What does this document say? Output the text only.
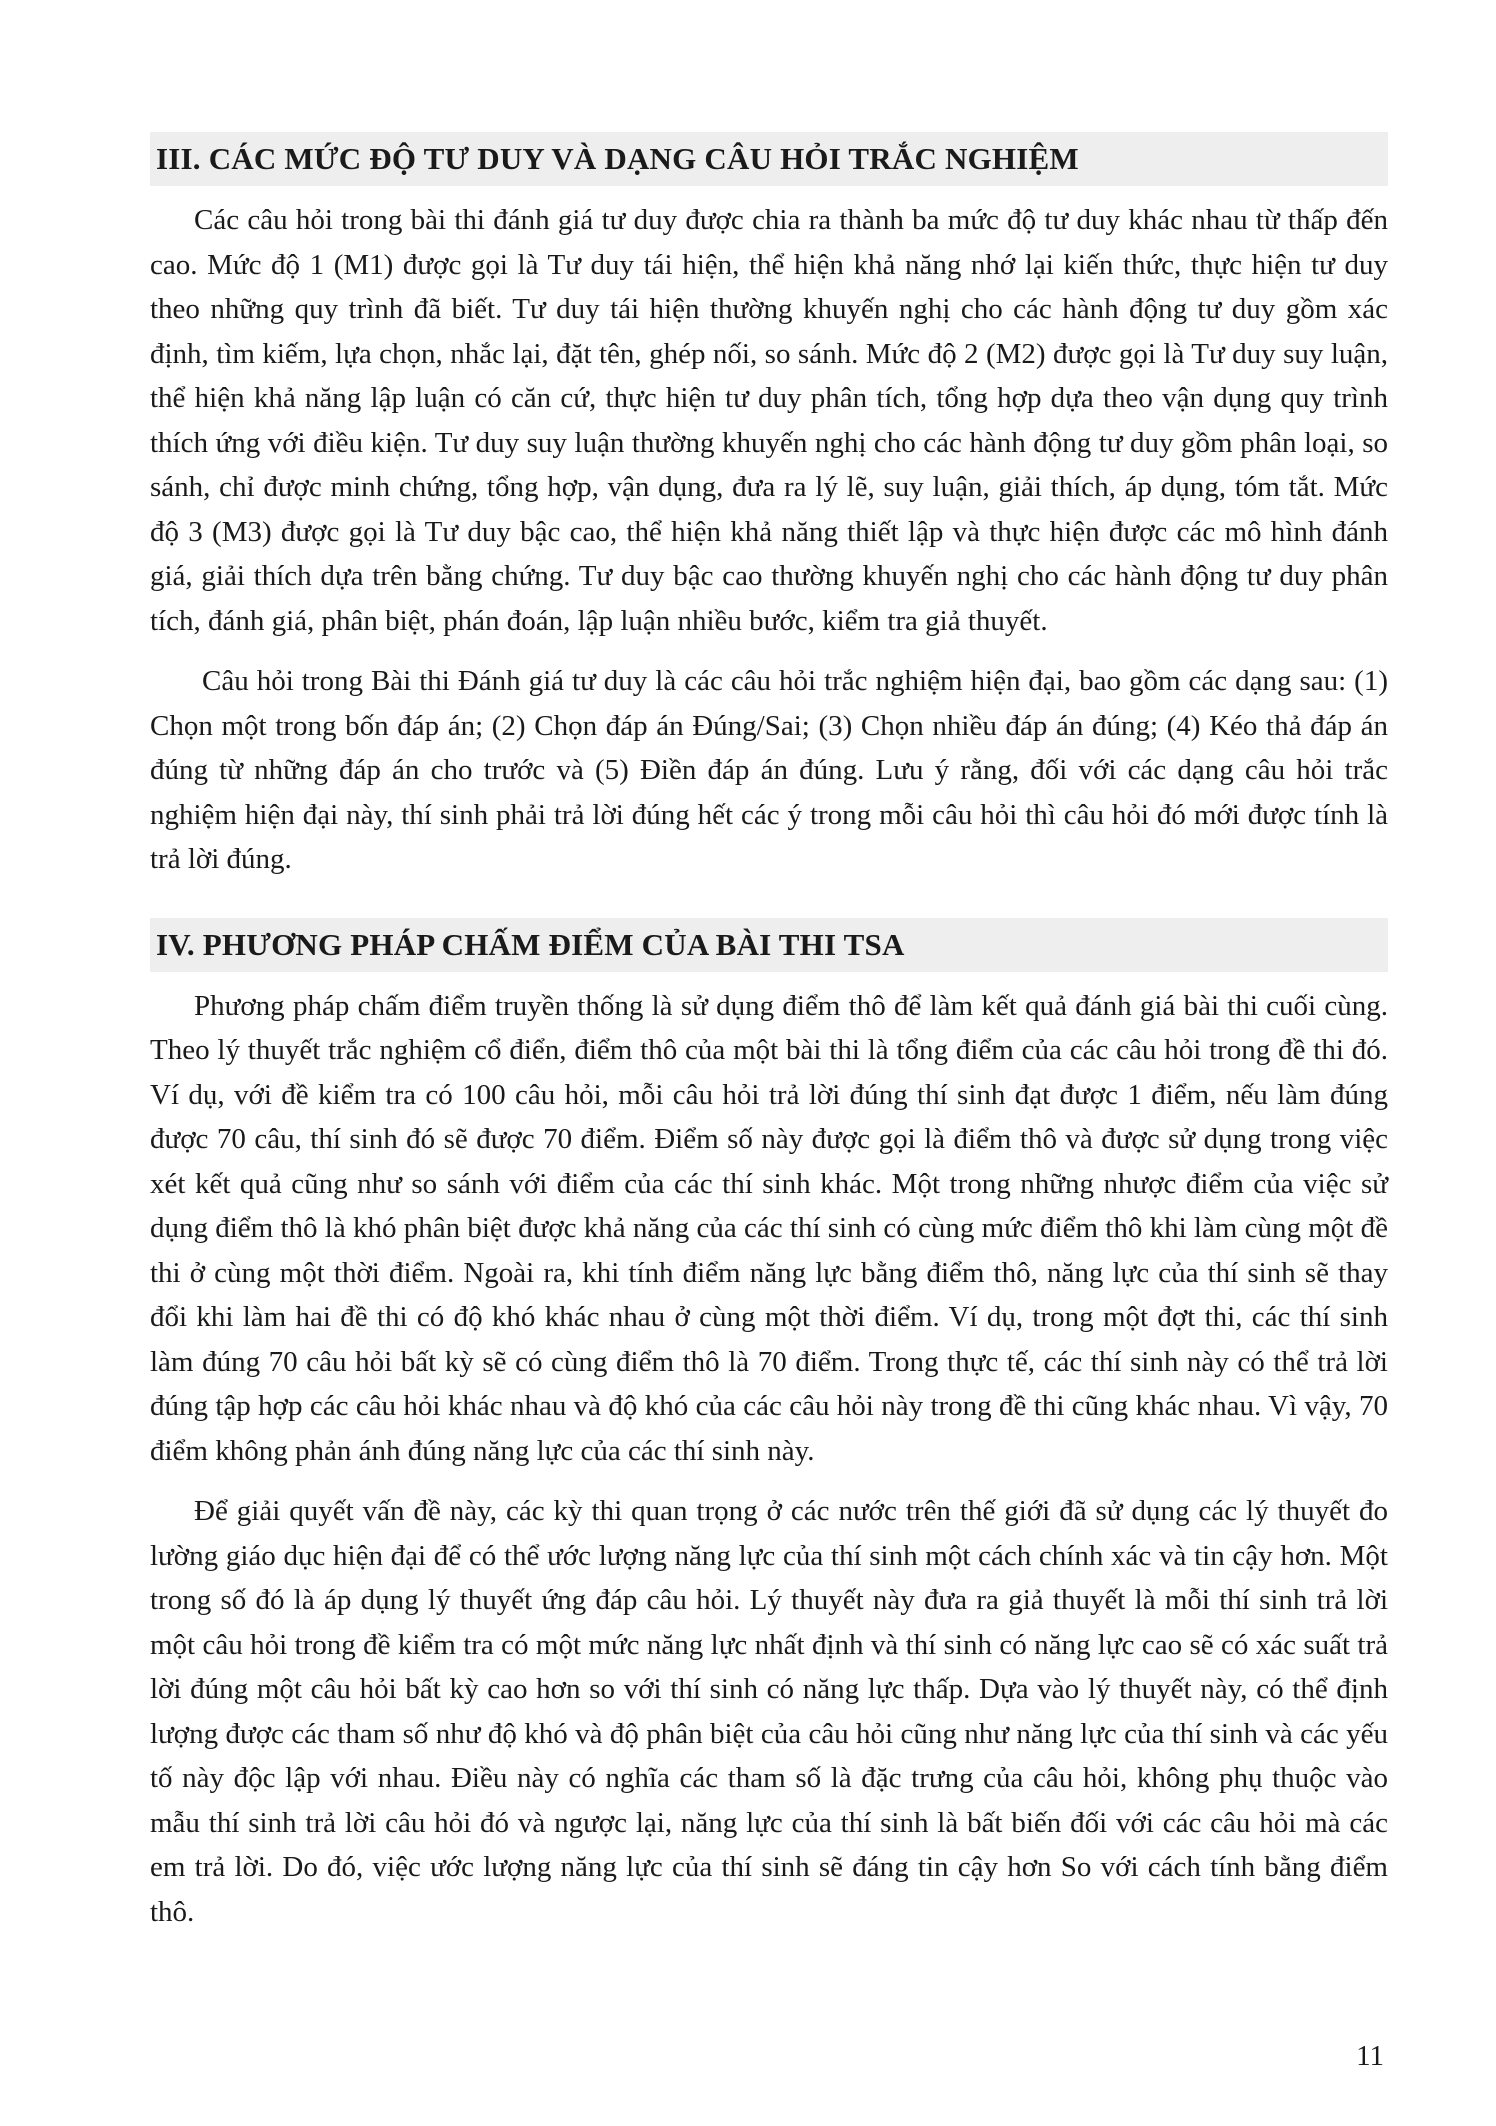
III. CÁC MỨC ĐỘ TƯ DUY VÀ DẠNG CÂU HỎI TRẮC NGHIỆM

Các câu hỏi trong bài thi đánh giá tư duy được chia ra thành ba mức độ tư duy khác nhau từ thấp đến cao. Mức độ 1 (M1) được gọi là Tư duy tái hiện, thể hiện khả năng nhớ lại kiến thức, thực hiện tư duy theo những quy trình đã biết. Tư duy tái hiện thường khuyến nghị cho các hành động tư duy gồm xác định, tìm kiếm, lựa chọn, nhắc lại, đặt tên, ghép nối, so sánh. Mức độ 2 (M2) được gọi là Tư duy suy luận, thể hiện khả năng lập luận có căn cứ, thực hiện tư duy phân tích, tổng hợp dựa theo vận dụng quy trình thích ứng với điều kiện. Tư duy suy luận thường khuyến nghị cho các hành động tư duy gồm phân loại, so sánh, chỉ được minh chứng, tổng hợp, vận dụng, đưa ra lý lẽ, suy luận, giải thích, áp dụng, tóm tắt. Mức độ 3 (M3) được gọi là Tư duy bậc cao, thể hiện khả năng thiết lập và thực hiện được các mô hình đánh giá, giải thích dựa trên bằng chứng. Tư duy bậc cao thường khuyến nghị cho các hành động tư duy phân tích, đánh giá, phân biệt, phán đoán, lập luận nhiều bước, kiểm tra giả thuyết.

Câu hỏi trong Bài thi Đánh giá tư duy là các câu hỏi trắc nghiệm hiện đại, bao gồm các dạng sau: (1) Chọn một trong bốn đáp án; (2) Chọn đáp án Đúng/Sai; (3) Chọn nhiều đáp án đúng; (4) Kéo thả đáp án đúng từ những đáp án cho trước và (5) Điền đáp án đúng. Lưu ý rằng, đối với các dạng câu hỏi trắc nghiệm hiện đại này, thí sinh phải trả lời đúng hết các ý trong mỗi câu hỏi thì câu hỏi đó mới được tính là trả lời đúng.

IV. PHƯƠNG PHÁP CHẤM ĐIỂM CỦA BÀI THI TSA

Phương pháp chấm điểm truyền thống là sử dụng điểm thô để làm kết quả đánh giá bài thi cuối cùng. Theo lý thuyết trắc nghiệm cổ điển, điểm thô của một bài thi là tổng điểm của các câu hỏi trong đề thi đó. Ví dụ, với đề kiểm tra có 100 câu hỏi, mỗi câu hỏi trả lời đúng thí sinh đạt được 1 điểm, nếu làm đúng được 70 câu, thí sinh đó sẽ được 70 điểm. Điểm số này được gọi là điểm thô và được sử dụng trong việc xét kết quả cũng như so sánh với điểm của các thí sinh khác. Một trong những nhược điểm của việc sử dụng điểm thô là khó phân biệt được khả năng của các thí sinh có cùng mức điểm thô khi làm cùng một đề thi ở cùng một thời điểm. Ngoài ra, khi tính điểm năng lực bằng điểm thô, năng lực của thí sinh sẽ thay đổi khi làm hai đề thi có độ khó khác nhau ở cùng một thời điểm. Ví dụ, trong một đợt thi, các thí sinh làm đúng 70 câu hỏi bất kỳ sẽ có cùng điểm thô là 70 điểm. Trong thực tế, các thí sinh này có thể trả lời đúng tập hợp các câu hỏi khác nhau và độ khó của các câu hỏi này trong đề thi cũng khác nhau. Vì vậy, 70 điểm không phản ánh đúng năng lực của các thí sinh này.

Để giải quyết vấn đề này, các kỳ thi quan trọng ở các nước trên thế giới đã sử dụng các lý thuyết đo lường giáo dục hiện đại để có thể ước lượng năng lực của thí sinh một cách chính xác và tin cậy hơn. Một trong số đó là áp dụng lý thuyết ứng đáp câu hỏi. Lý thuyết này đưa ra giả thuyết là mỗi thí sinh trả lời một câu hỏi trong đề kiểm tra có một mức năng lực nhất định và thí sinh có năng lực cao sẽ có xác suất trả lời đúng một câu hỏi bất kỳ cao hơn so với thí sinh có năng lực thấp. Dựa vào lý thuyết này, có thể định lượng được các tham số như độ khó và độ phân biệt của câu hỏi cũng như năng lực của thí sinh và các yếu tố này độc lập với nhau. Điều này có nghĩa các tham số là đặc trưng của câu hỏi, không phụ thuộc vào mẫu thí sinh trả lời câu hỏi đó và ngược lại, năng lực của thí sinh là bất biến đối với các câu hỏi mà các em trả lời. Do đó, việc ước lượng năng lực của thí sinh sẽ đáng tin cậy hơn So với cách tính bằng điểm thô.

11
